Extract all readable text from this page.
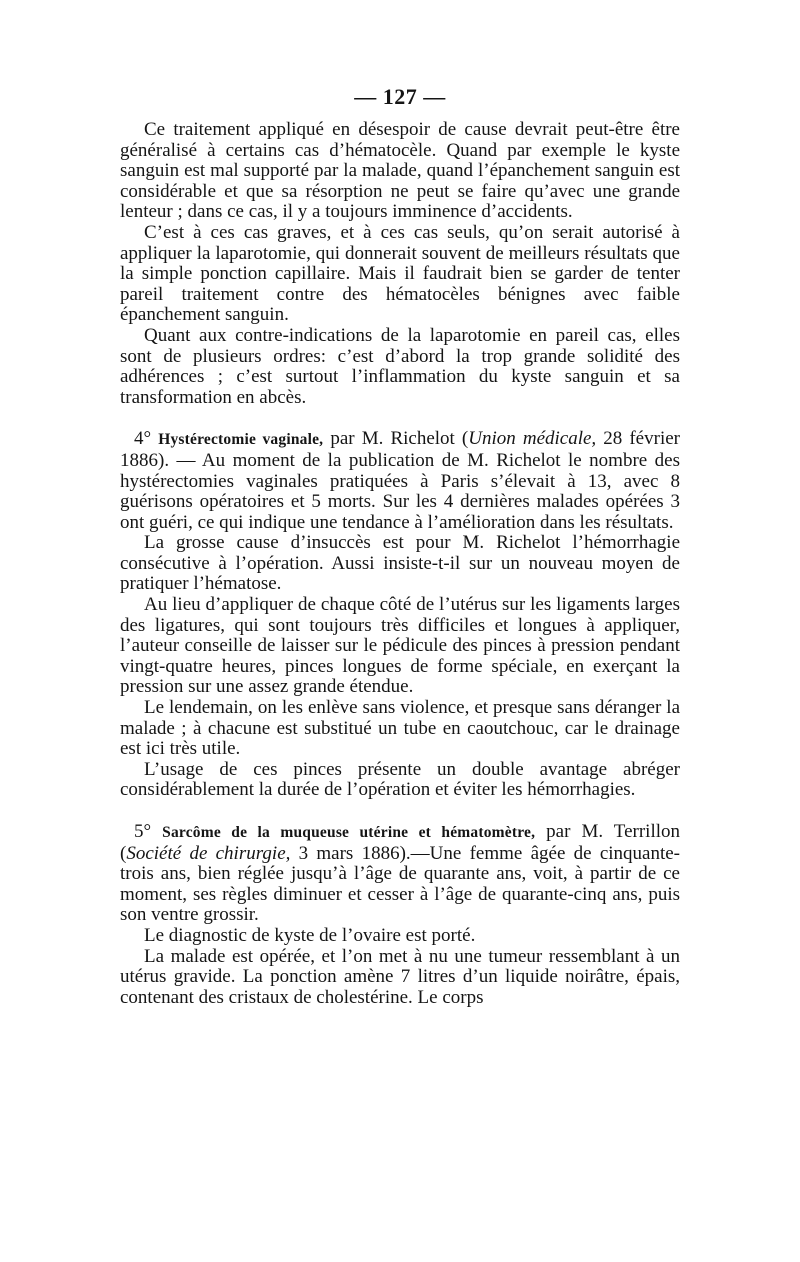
— 127 —

Ce traitement appliqué en désespoir de cause devrait peut-être être généralisé à certains cas d’hématocèle. Quand par exemple le kyste sanguin est mal supporté par la malade, quand l’épanchement sanguin est considérable et que sa résorption ne peut se faire qu’avec une grande lenteur ; dans ce cas, il y a toujours imminence d’accidents.

C’est à ces cas graves, et à ces cas seuls, qu’on serait autorisé à appliquer la laparotomie, qui donnerait souvent de meilleurs résultats que la simple ponction capillaire. Mais il faudrait bien se garder de tenter pareil traitement contre des hématocèles bénignes avec faible épanchement sanguin.

Quant aux contre-indications de la laparotomie en pareil cas, elles sont de plusieurs ordres: c’est d’abord la trop grande solidité des adhérences ; c’est surtout l’inflammation du kyste sanguin et sa transformation en abcès.

4° Hystérectomie vaginale, par M. Richelot (Union médicale, 28 février 1886). — Au moment de la publication de M. Richelot le nombre des hystérectomies vaginales pratiquées à Paris s’élevait à 13, avec 8 guérisons opératoires et 5 morts. Sur les 4 dernières malades opérées 3 ont guéri, ce qui indique une tendance à l’amélioration dans les résultats.

La grosse cause d’insuccès est pour M. Richelot l’hémorrhagie consécutive à l’opération. Aussi insiste-t-il sur un nouveau moyen de pratiquer l’hématose.

Au lieu d’appliquer de chaque côté de l’utérus sur les ligaments larges des ligatures, qui sont toujours très difficiles et longues à appliquer, l’auteur conseille de laisser sur le pédicule des pinces à pression pendant vingt-quatre heures, pinces longues de forme spéciale, en exerçant la pression sur une assez grande étendue.

Le lendemain, on les enlève sans violence, et presque sans déranger la malade ; à chacune est substitué un tube en caoutchouc, car le drainage est ici très utile.

L’usage de ces pinces présente un double avantage abréger considérablement la durée de l’opération et éviter les hémorrhagies.

5° Sarcôme de la muqueuse utérine et hématomètre, par M. Terrillon (Société de chirurgie, 3 mars 1886).—Une femme âgée de cinquante-trois ans, bien réglée jusqu’à l’âge de quarante ans, voit, à partir de ce moment, ses règles diminuer et cesser à l’âge de quarante-cinq ans, puis son ventre grossir.

Le diagnostic de kyste de l’ovaire est porté.

La malade est opérée, et l’on met à nu une tumeur ressemblant à un utérus gravide. La ponction amène 7 litres d’un liquide noirâtre, épais, contenant des cristaux de cholestérine. Le corps
